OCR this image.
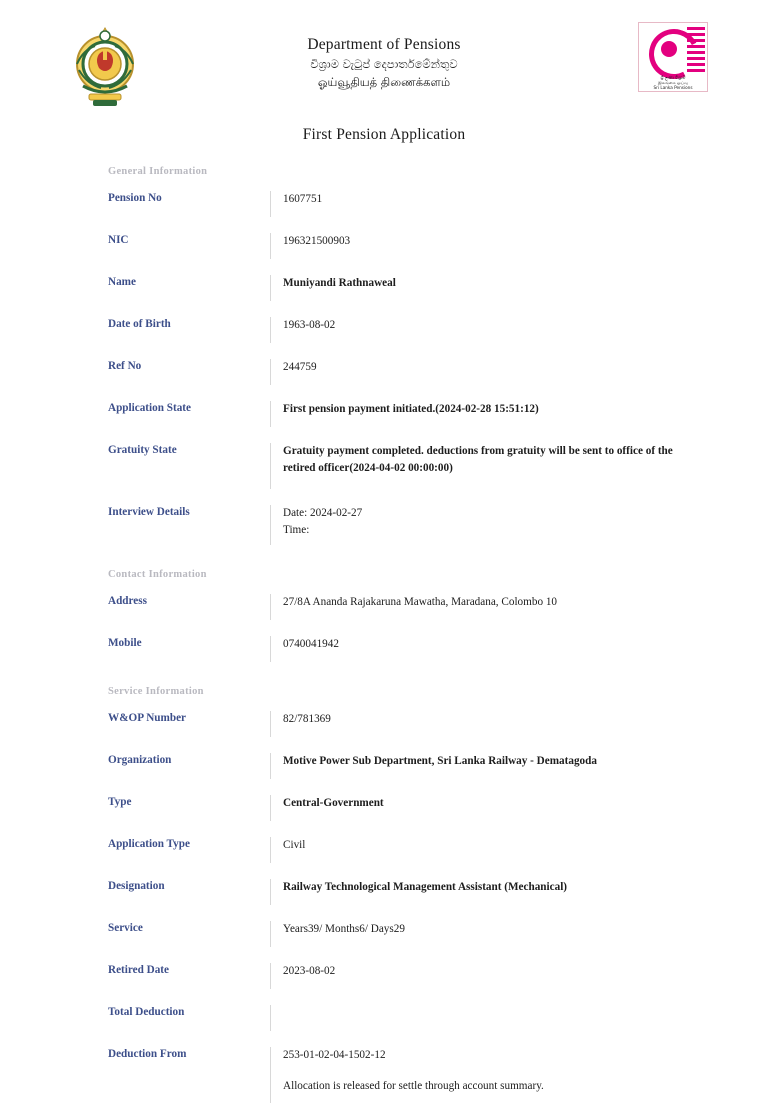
Department of Pensions
විශ්‍රාම වැටුප් දෙපාර්තමේන්තුව
ஓய்வூதியத் திணைக்களம்	ශ්‍රී ලංකා විශ්‍රාම
இலங்கை ஓய்வு
Sri Lanka Pensions
First Pension Application
General Information
Pension No	1607751
NIC	196321500903
Name	Muniyandi Rathnaweal
Date of Birth	1963-08-02
Ref No	244759
Application State	First pension payment initiated.(2024-02-28 15:51:12)
Gratuity State	Gratuity payment completed. deductions from gratuity will be sent to office of the retired officer(2024-04-02 00:00:00)
Interview Details	Date: 2024-02-27
Time:
Contact Information
Address	27/8A Ananda Rajakaruna Mawatha, Maradana, Colombo 10
Mobile	0740041942
Service Information
W&OP Number	82/781369
Organization	Motive Power Sub Department, Sri Lanka Railway - Dematagoda
Type	Central-Government
Application Type	Civil
Designation	Railway Technological Management Assistant (Mechanical)
Service	Years39/ Months6/ Days29
Retired Date	2023-08-02
Total Deduction
Deduction From	253-01-02-04-1502-12
Allocation is released for settle through account summary.
